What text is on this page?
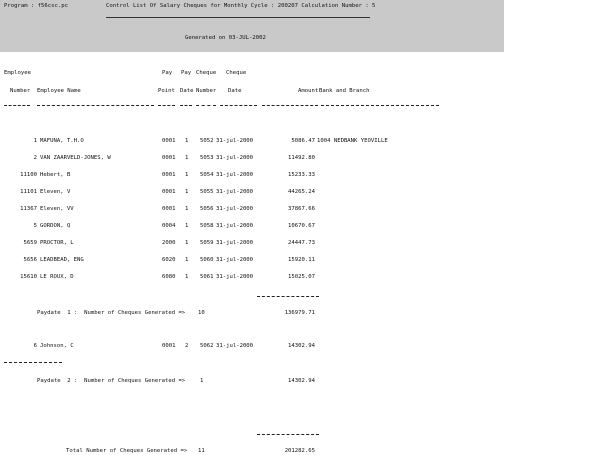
Program : f56csc.pc	Control List Of Salary Cheques for Monthly Cycle : 200207 Calculation Number : 5
Generated on 03-JUL-2002
Employee	Pay Pay Cheque Cheque
Number Employee Name	Point Date Number Date	Amount Bank and Branch
1 MAFUNA, T.H.O	0001 1 5052 31-jul-2000	5086.47 1004 NEDBANK YEOVILLE
2 VAN ZAARVELD-JONES, W	0001 1 5053 31-jul-2000	11492.80
11100 Hebert, B	0001 1 5054 31-jul-2000	15233.33
11101 Eleven, V	0001 1 5055 31-jul-2000	44265.24
11367 Eleven, VV	0001 1 5056 31-jul-2000	37867.66
5 GORDON, Q	0004 1 5058 31-jul-2000	10670.67
5659 PROCTOR, L	2000 1 5059 31-jul-2000	24447.73
5656 LEADBEAD, ENG	6020 1 5060 31-jul-2000	15920.11
15610 LE ROUX, D	6080 1 5061 31-jul-2000	15025.07
Paydate  1 :  Number of Cheques Generated => 10	136979.71
6 Johnson, C	0001 2 5062 31-jul-2000	14302.94
Paydate  2 :  Number of Cheques Generated =>	1	14302.94
Total Number of Cheques Generated => 11	201282.65
